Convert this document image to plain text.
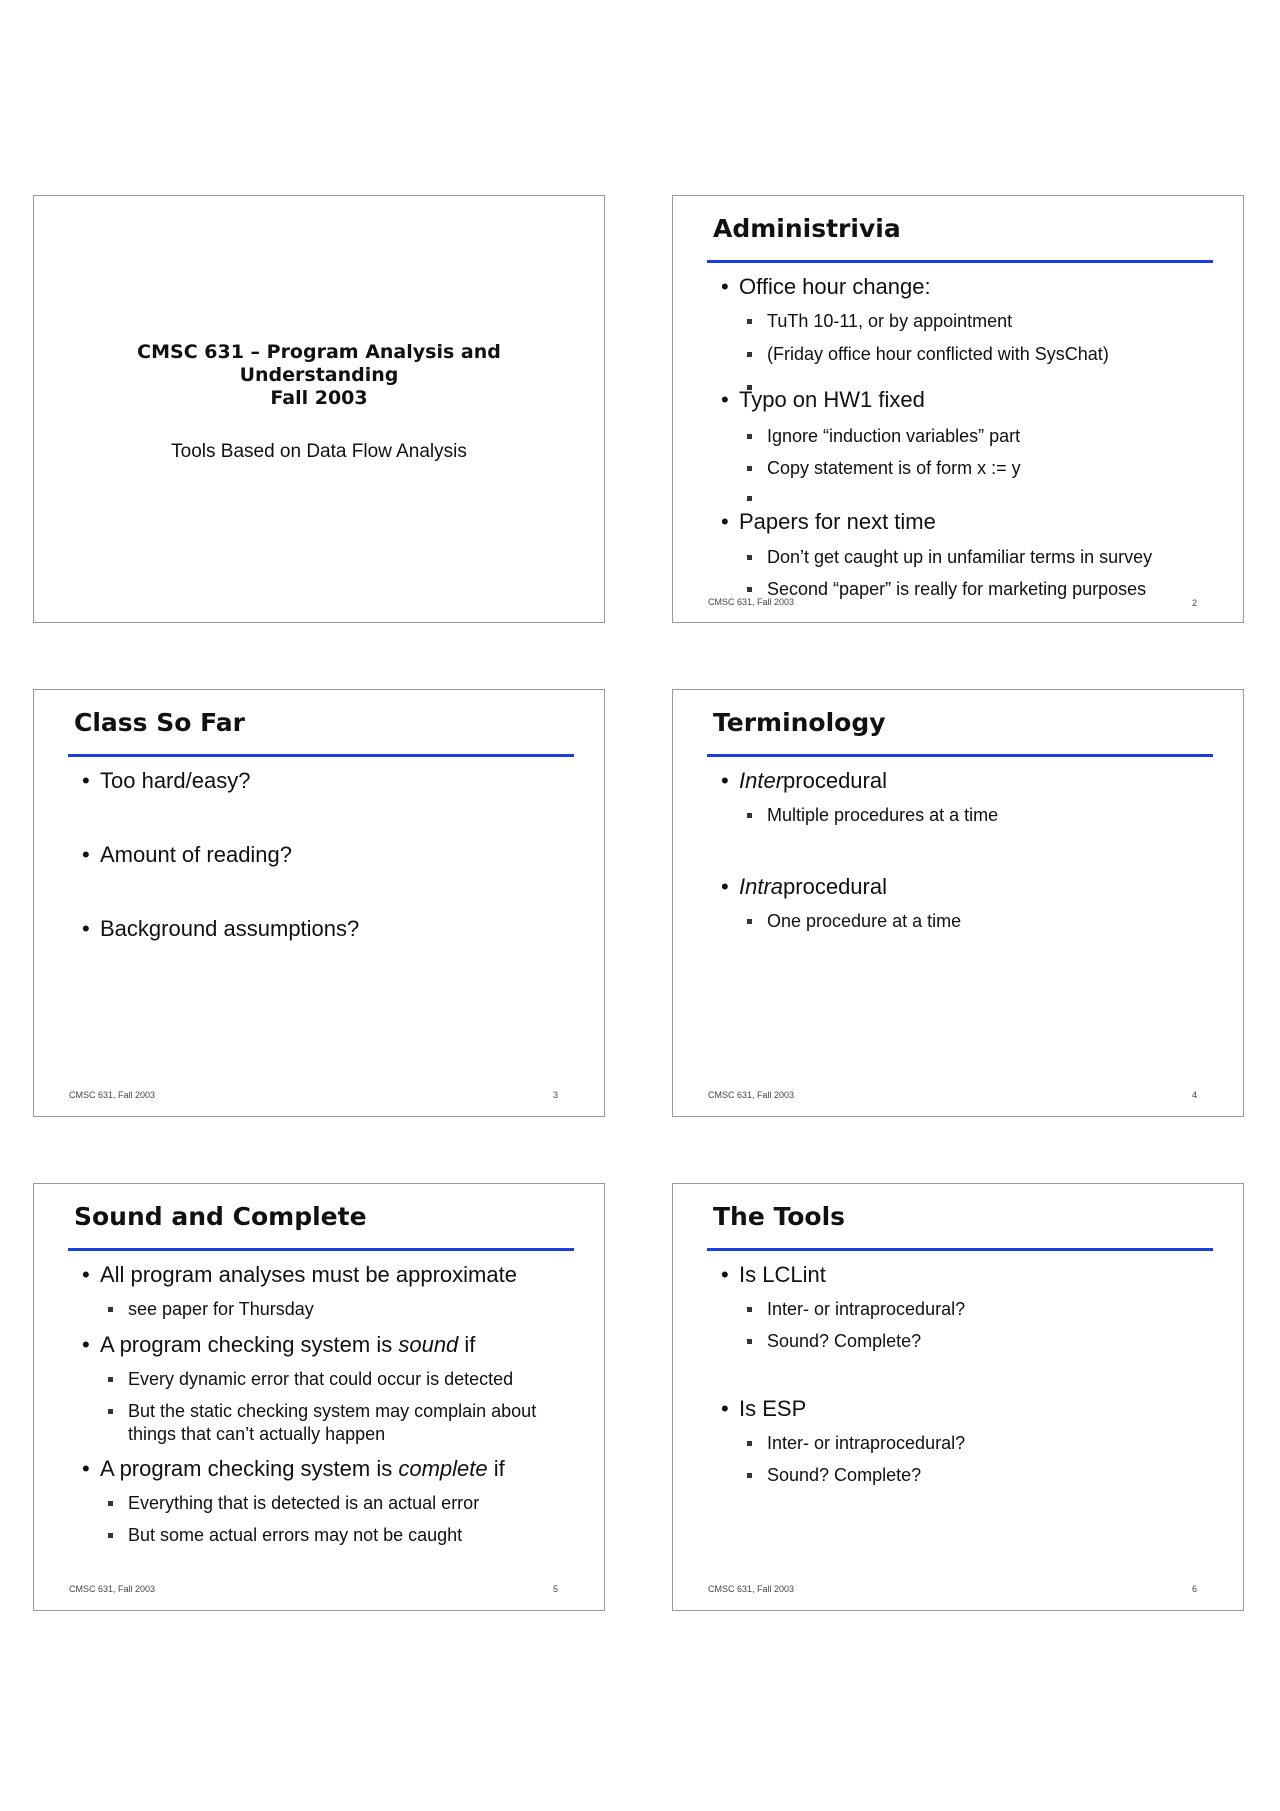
CMSC 631 – Program Analysis and
Understanding
Fall 2003
Tools Based on Data Flow Analysis
Administrivia
• Office hour change:
TuTh 10-11, or by appointment
(Friday office hour conflicted with SysChat)
• Typo on HW1 fixed
Ignore “induction variables” part
Copy statement is of form x := y
• Papers for next time
Don’t get caught up in unfamiliar terms in survey
Second “paper” is really for marketing purposes
CMSC 631, Fall 2003	2
Class So Far
• Too hard/easy?
• Amount of reading?
• Background assumptions?
CMSC 631, Fall 2003	3
Terminology
• Interprocedural
Multiple procedures at a time
• Intraprocedural
One procedure at a time
CMSC 631, Fall 2003	4
Sound and Complete
• All program analyses must be approximate
see paper for Thursday
• A program checking system is sound if
Every dynamic error that could occur is detected
But the static checking system may complain about things that can’t actually happen
• A program checking system is complete if
Everything that is detected is an actual error
But some actual errors may not be caught
CMSC 631, Fall 2003	5
The Tools
• Is LCLint
Inter- or intraprocedural?
Sound? Complete?
• Is ESP
Inter- or intraprocedural?
Sound? Complete?
CMSC 631, Fall 2003	6
